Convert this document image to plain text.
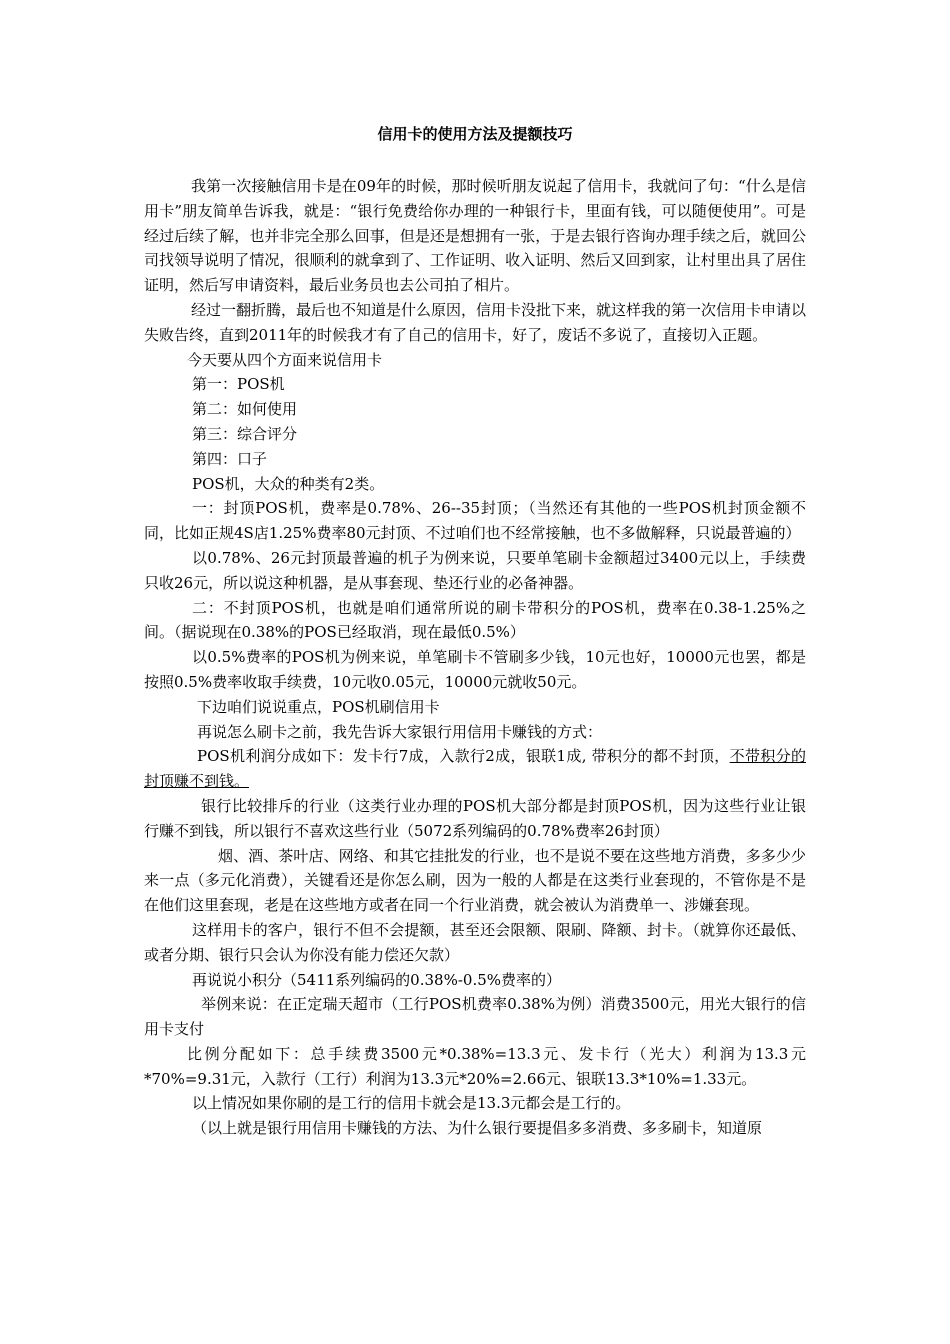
信用卡的使用方法及提额技巧

我第一次接触信用卡是在09年的时候，那时候听朋友说起了信用卡，我就问了句：“什么是信用卡”朋友简单告诉我，就是：“银行免费给你办理的一种银行卡，里面有钱，可以随便使用”。可是经过后续了解，也并非完全那么回事，但是还是想拥有一张，于是去银行咨询办理手续之后，就回公司找领导说明了情况，很顺利的就拿到了、工作证明、收入证明、然后又回到家，让村里出具了居住证明，然后写申请资料，最后业务员也去公司拍了相片。

经过一翻折腾，最后也不知道是什么原因，信用卡没批下来，就这样我的第一次信用卡申请以失败告终，直到2011年的时候我才有了自己的信用卡，好了，废话不多说了，直接切入正题。

今天要从四个方面来说信用卡

第一：POS机

第二：如何使用

第三：综合评分

第四：口子

POS机，大众的种类有2类。

一：封顶POS机，费率是0.78%、26--35封顶；（当然还有其他的一些POS机封顶金额不同，比如正规4S店1.25%费率80元封顶、不过咱们也不经常接触，也不多做解释，只说最普遍的）

以0.78%、26元封顶最普遍的机子为例来说，只要单笔刷卡金额超过3400元以上，手续费只收26元，所以说这种机器，是从事套现、垫还行业的必备神器。

二：不封顶POS机，也就是咱们通常所说的刷卡带积分的POS机，费率在0.38-1.25%之间。（据说现在0.38%的POS已经取消，现在最低0.5%）

以0.5%费率的POS机为例来说，单笔刷卡不管刷多少钱，10元也好，10000元也罢，都是按照0.5%费率收取手续费，10元收0.05元，10000元就收50元。

下边咱们说说重点，POS机刷信用卡

再说怎么刷卡之前，我先告诉大家银行用信用卡赚钱的方式：

POS机利润分成如下：发卡行7成，入款行2成，银联1成, 带积分的都不封顶，不带积分的封顶赚不到钱。

银行比较排斥的行业（这类行业办理的POS机大部分都是封顶POS机，因为这些行业让银行赚不到钱，所以银行不喜欢这些行业（5072系列编码的0.78%费率26封顶）

烟、酒、茶叶店、网络、和其它挂批发的行业，也不是说不要在这些地方消费，多多少少来一点（多元化消费），关键看还是你怎么刷，因为一般的人都是在这类行业套现的，不管你是不是在他们这里套现，老是在这些地方或者在同一个行业消费，就会被认为消费单一、涉嫌套现。

这样用卡的客户，银行不但不会提额，甚至还会限额、限刷、降额、封卡。（就算你还最低、或者分期、银行只会认为你没有能力偿还欠款）

再说说小积分（5411系列编码的0.38%-0.5%费率的）

举例来说：在正定瑞天超市（工行POS机费率0.38%为例）消费3500元，用光大银行的信用卡支付

比例分配如下：总手续费3500元*0.38%=13.3元、发卡行（光大）利润为13.3元*70%=9.31元，入款行（工行）利润为13.3元*20%=2.66元、银联13.3*10%=1.33元。

以上情况如果你刷的是工行的信用卡就会是13.3元都会是工行的。

（以上就是银行用信用卡赚钱的方法、为什么银行要提倡多多消费、多多刷卡，知道原
